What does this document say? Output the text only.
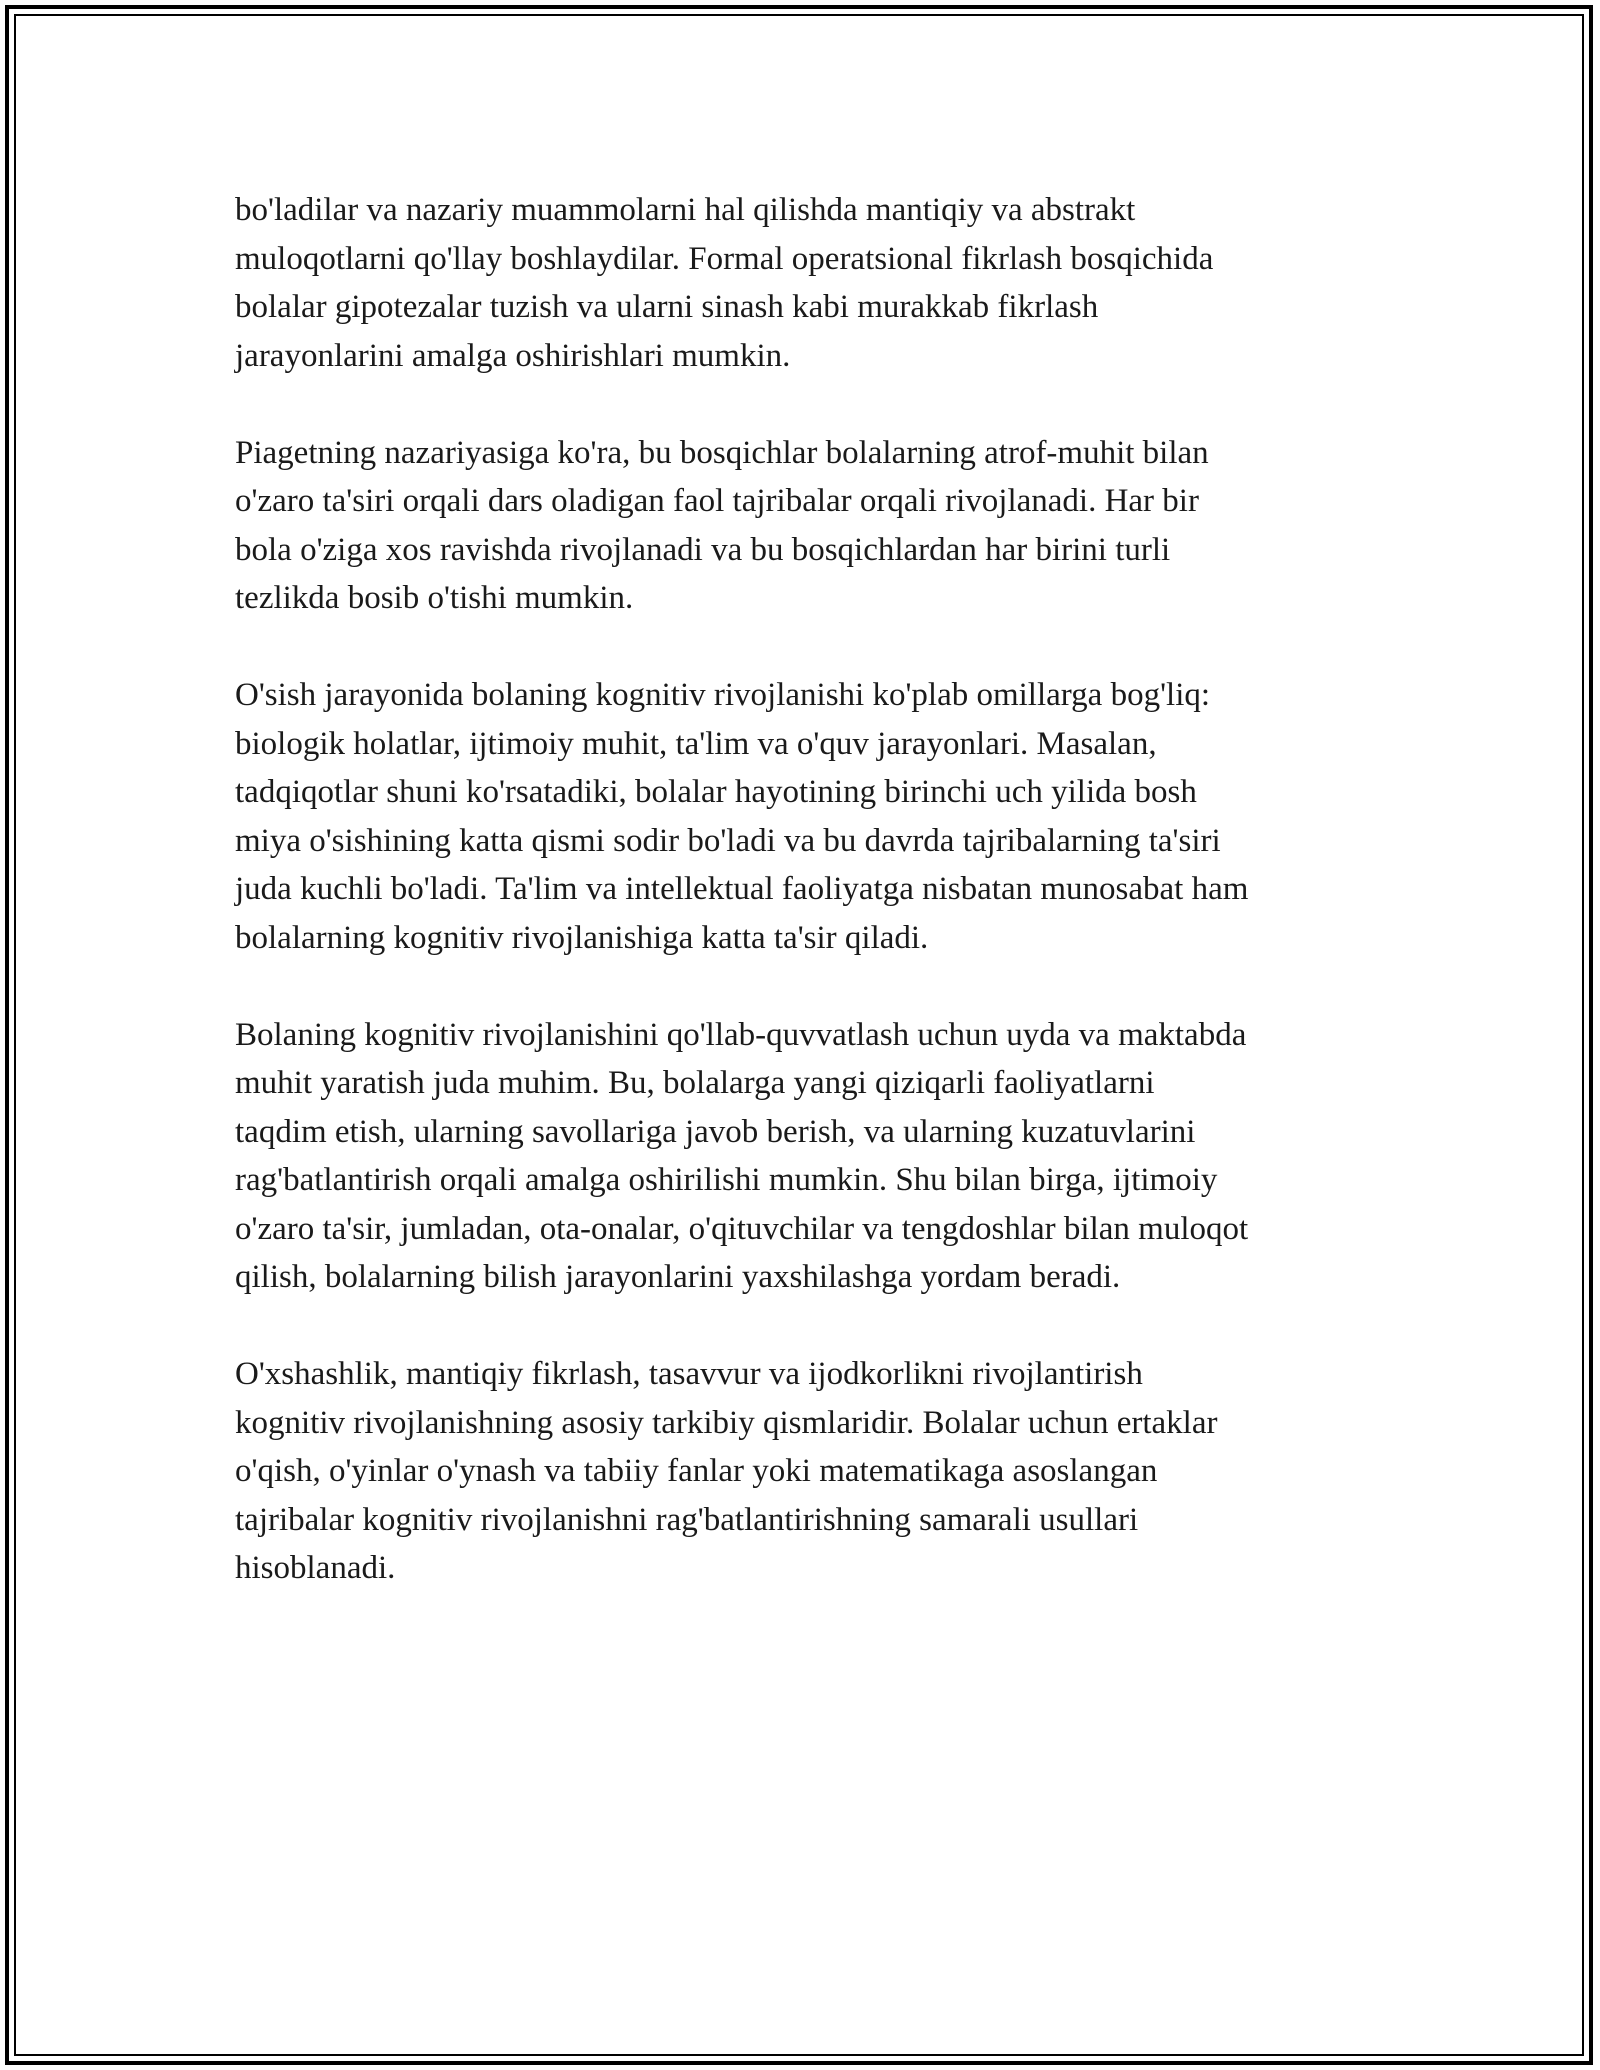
bo'ladilar va nazariy muammolarni hal qilishda mantiqiy va abstrakt
muloqotlarni qo'llay boshlaydilar. Formal operatsional fikrlash bosqichida
bolalar gipotezalar tuzish va ularni sinash kabi murakkab fikrlash
jarayonlarini amalga oshirishlari mumkin.

Piagetning nazariyasiga ko'ra, bu bosqichlar bolalarning atrof-muhit bilan
o'zaro ta'siri orqali dars oladigan faol tajribalar orqali rivojlanadi. Har bir
bola o'ziga xos ravishda rivojlanadi va bu bosqichlardan har birini turli
tezlikda bosib o'tishi mumkin.

O'sish jarayonida bolaning kognitiv rivojlanishi ko'plab omillarga bog'liq:
biologik holatlar, ijtimoiy muhit, ta'lim va o'quv jarayonlari. Masalan,
tadqiqotlar shuni ko'rsatadiki, bolalar hayotining birinchi uch yilida bosh
miya o'sishining katta qismi sodir bo'ladi va bu davrda tajribalarning ta'siri
juda kuchli bo'ladi. Ta'lim va intellektual faoliyatga nisbatan munosabat ham
bolalarning kognitiv rivojlanishiga katta ta'sir qiladi.

Bolaning kognitiv rivojlanishini qo'llab-quvvatlash uchun uyda va maktabda
muhit yaratish juda muhim. Bu, bolalarga yangi qiziqarli faoliyatlarni
taqdim etish, ularning savollariga javob berish, va ularning kuzatuvlarini
rag'batlantirish orqali amalga oshirilishi mumkin. Shu bilan birga, ijtimoiy
o'zaro ta'sir, jumladan, ota-onalar, o'qituvchilar va tengdoshlar bilan muloqot
qilish, bolalarning bilish jarayonlarini yaxshilashga yordam beradi.

O'xshashlik, mantiqiy fikrlash, tasavvur va ijodkorlikni rivojlantirish
kognitiv rivojlanishning asosiy tarkibiy qismlaridir. Bolalar uchun ertaklar
o'qish, o'yinlar o'ynash va tabiiy fanlar yoki matematikaga asoslangan
tajribalar kognitiv rivojlanishni rag'batlantirishning samarali usullari
hisoblanadi.
